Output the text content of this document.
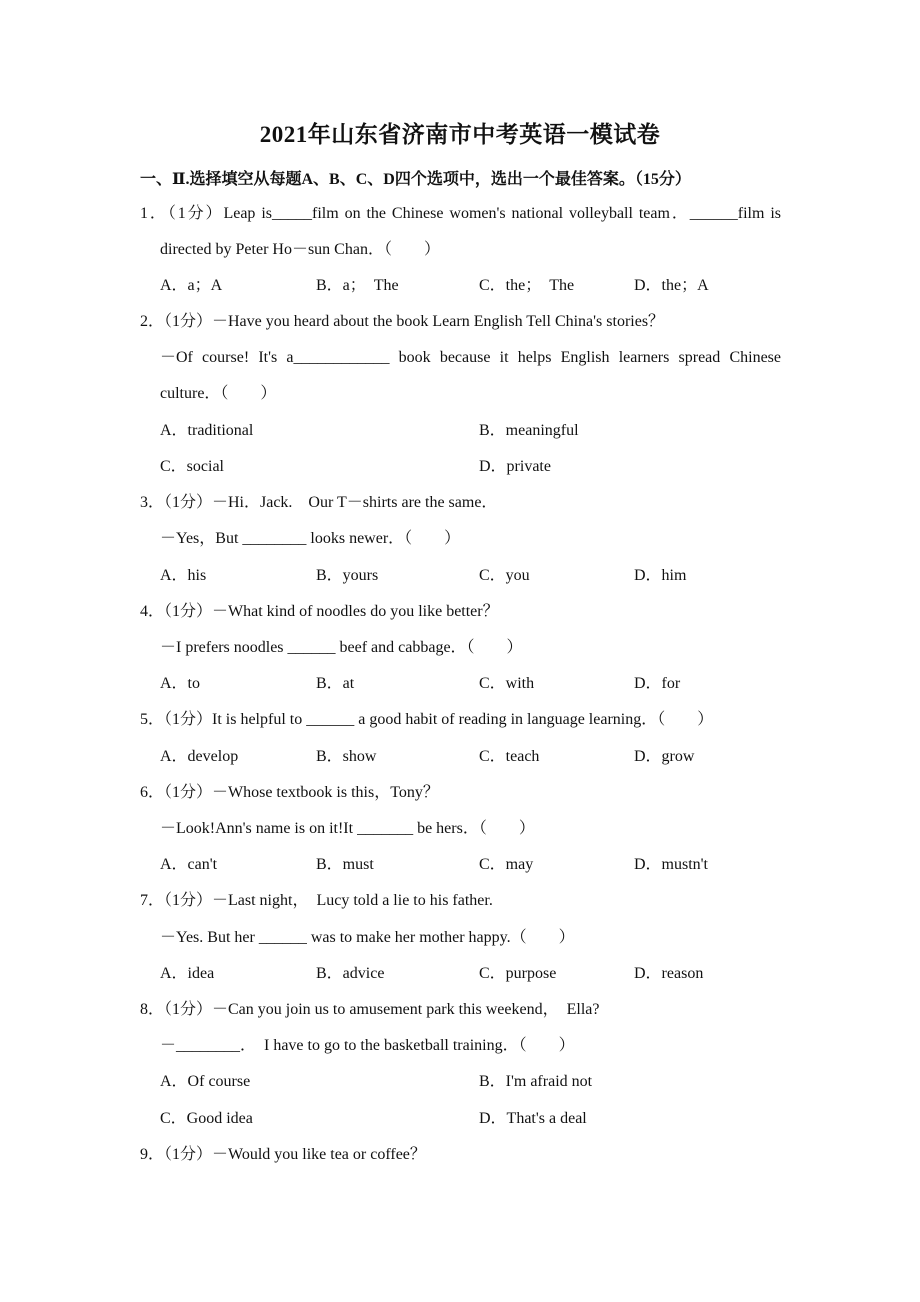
2021年山东省济南市中考英语一模试卷
一、Ⅱ.选择填空从每题A、B、C、D四个选项中，选出一个最佳答案。（15分）
1．（1分）Leap is_____film on the Chinese women's national volleyball team．______film is
directed by Peter Ho－sun Chan．（　　）
A．a；A	B．a；　The	C．the；　The	D．the；A
2．（1分）－Have you heard about the book Learn English Tell China's stories？
－Of course! It's a____________ book because it helps English learners spread Chinese
culture．（　　）
A．traditional	B．meaningful
C．social	D．private
3．（1分）－Hi．Jack.　Our T－shirts are the same．
－Yes，But ________ looks newer．（　　）
A．his	B．yours	C．you	D．him
4．（1分）－What kind of noodles do you like better？
－I prefers noodles ______ beef and cabbage．（　　）
A．to	B．at	C．with	D．for
5．（1分）It is helpful to ______ a good habit of reading in language learning．（　　）
A．develop	B．show	C．teach	D．grow
6．（1分）－Whose textbook is this，Tony？
－Look!Ann's name is on it!It _______ be hers．（　　）
A．can't	B．must	C．may	D．mustn't
7．（1分）－Last night，　Lucy told a lie to his father.
－Yes. But her ______ was to make her mother happy.（　　）
A．idea	B．advice	C．purpose	D．reason
8．（1分）－Can you join us to amusement park this weekend，　Ella?
－________．　I have to go to the basketball training．（　　）
A．Of course	B．I'm afraid not
C．Good idea	D．That's a deal
9．（1分）－Would you like tea or coffee？
